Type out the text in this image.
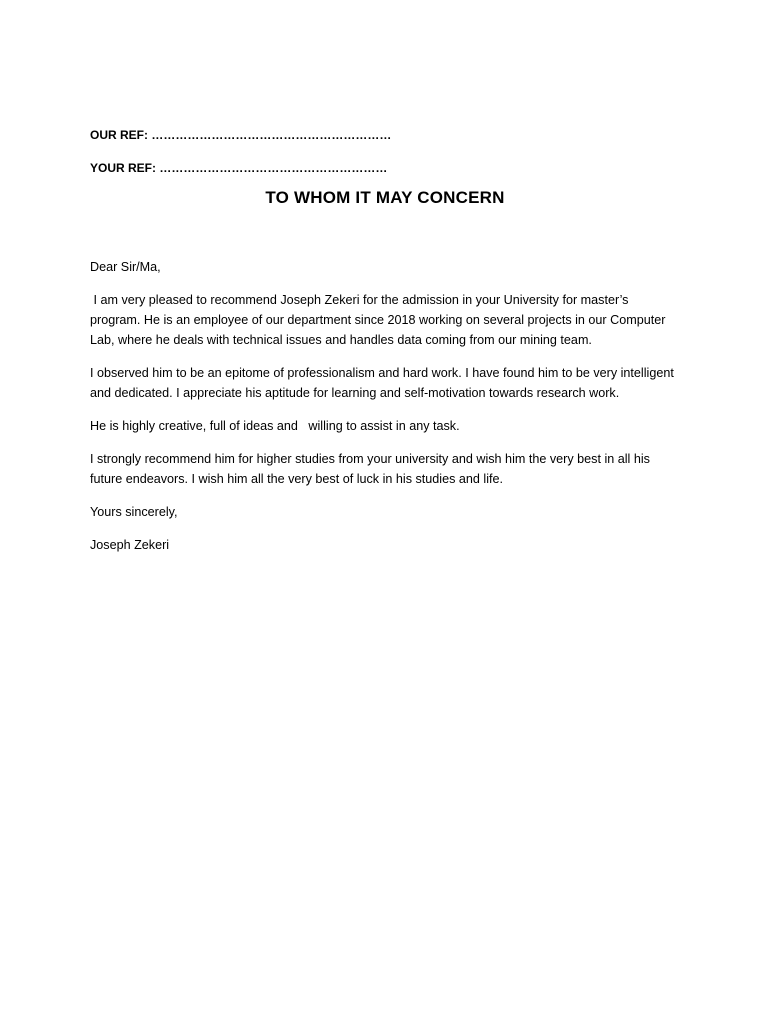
OUR REF: ……………………………………………………

YOUR REF: …………………………………………………

TO WHOM IT MAY CONCERN

Dear Sir/Ma,

I am very pleased to recommend Joseph Zekeri for the admission in your University for master’s program. He is an employee of our department since 2018 working on several projects in our Computer Lab, where he deals with technical issues and handles data coming from our mining team.

I observed him to be an epitome of professionalism and hard work. I have found him to be very intelligent and dedicated. I appreciate his aptitude for learning and self-motivation towards research work.

He is highly creative, full of ideas and   willing to assist in any task.

I strongly recommend him for higher studies from your university and wish him the very best in all his future endeavors. I wish him all the very best of luck in his studies and life.

Yours sincerely,

Joseph Zekeri
